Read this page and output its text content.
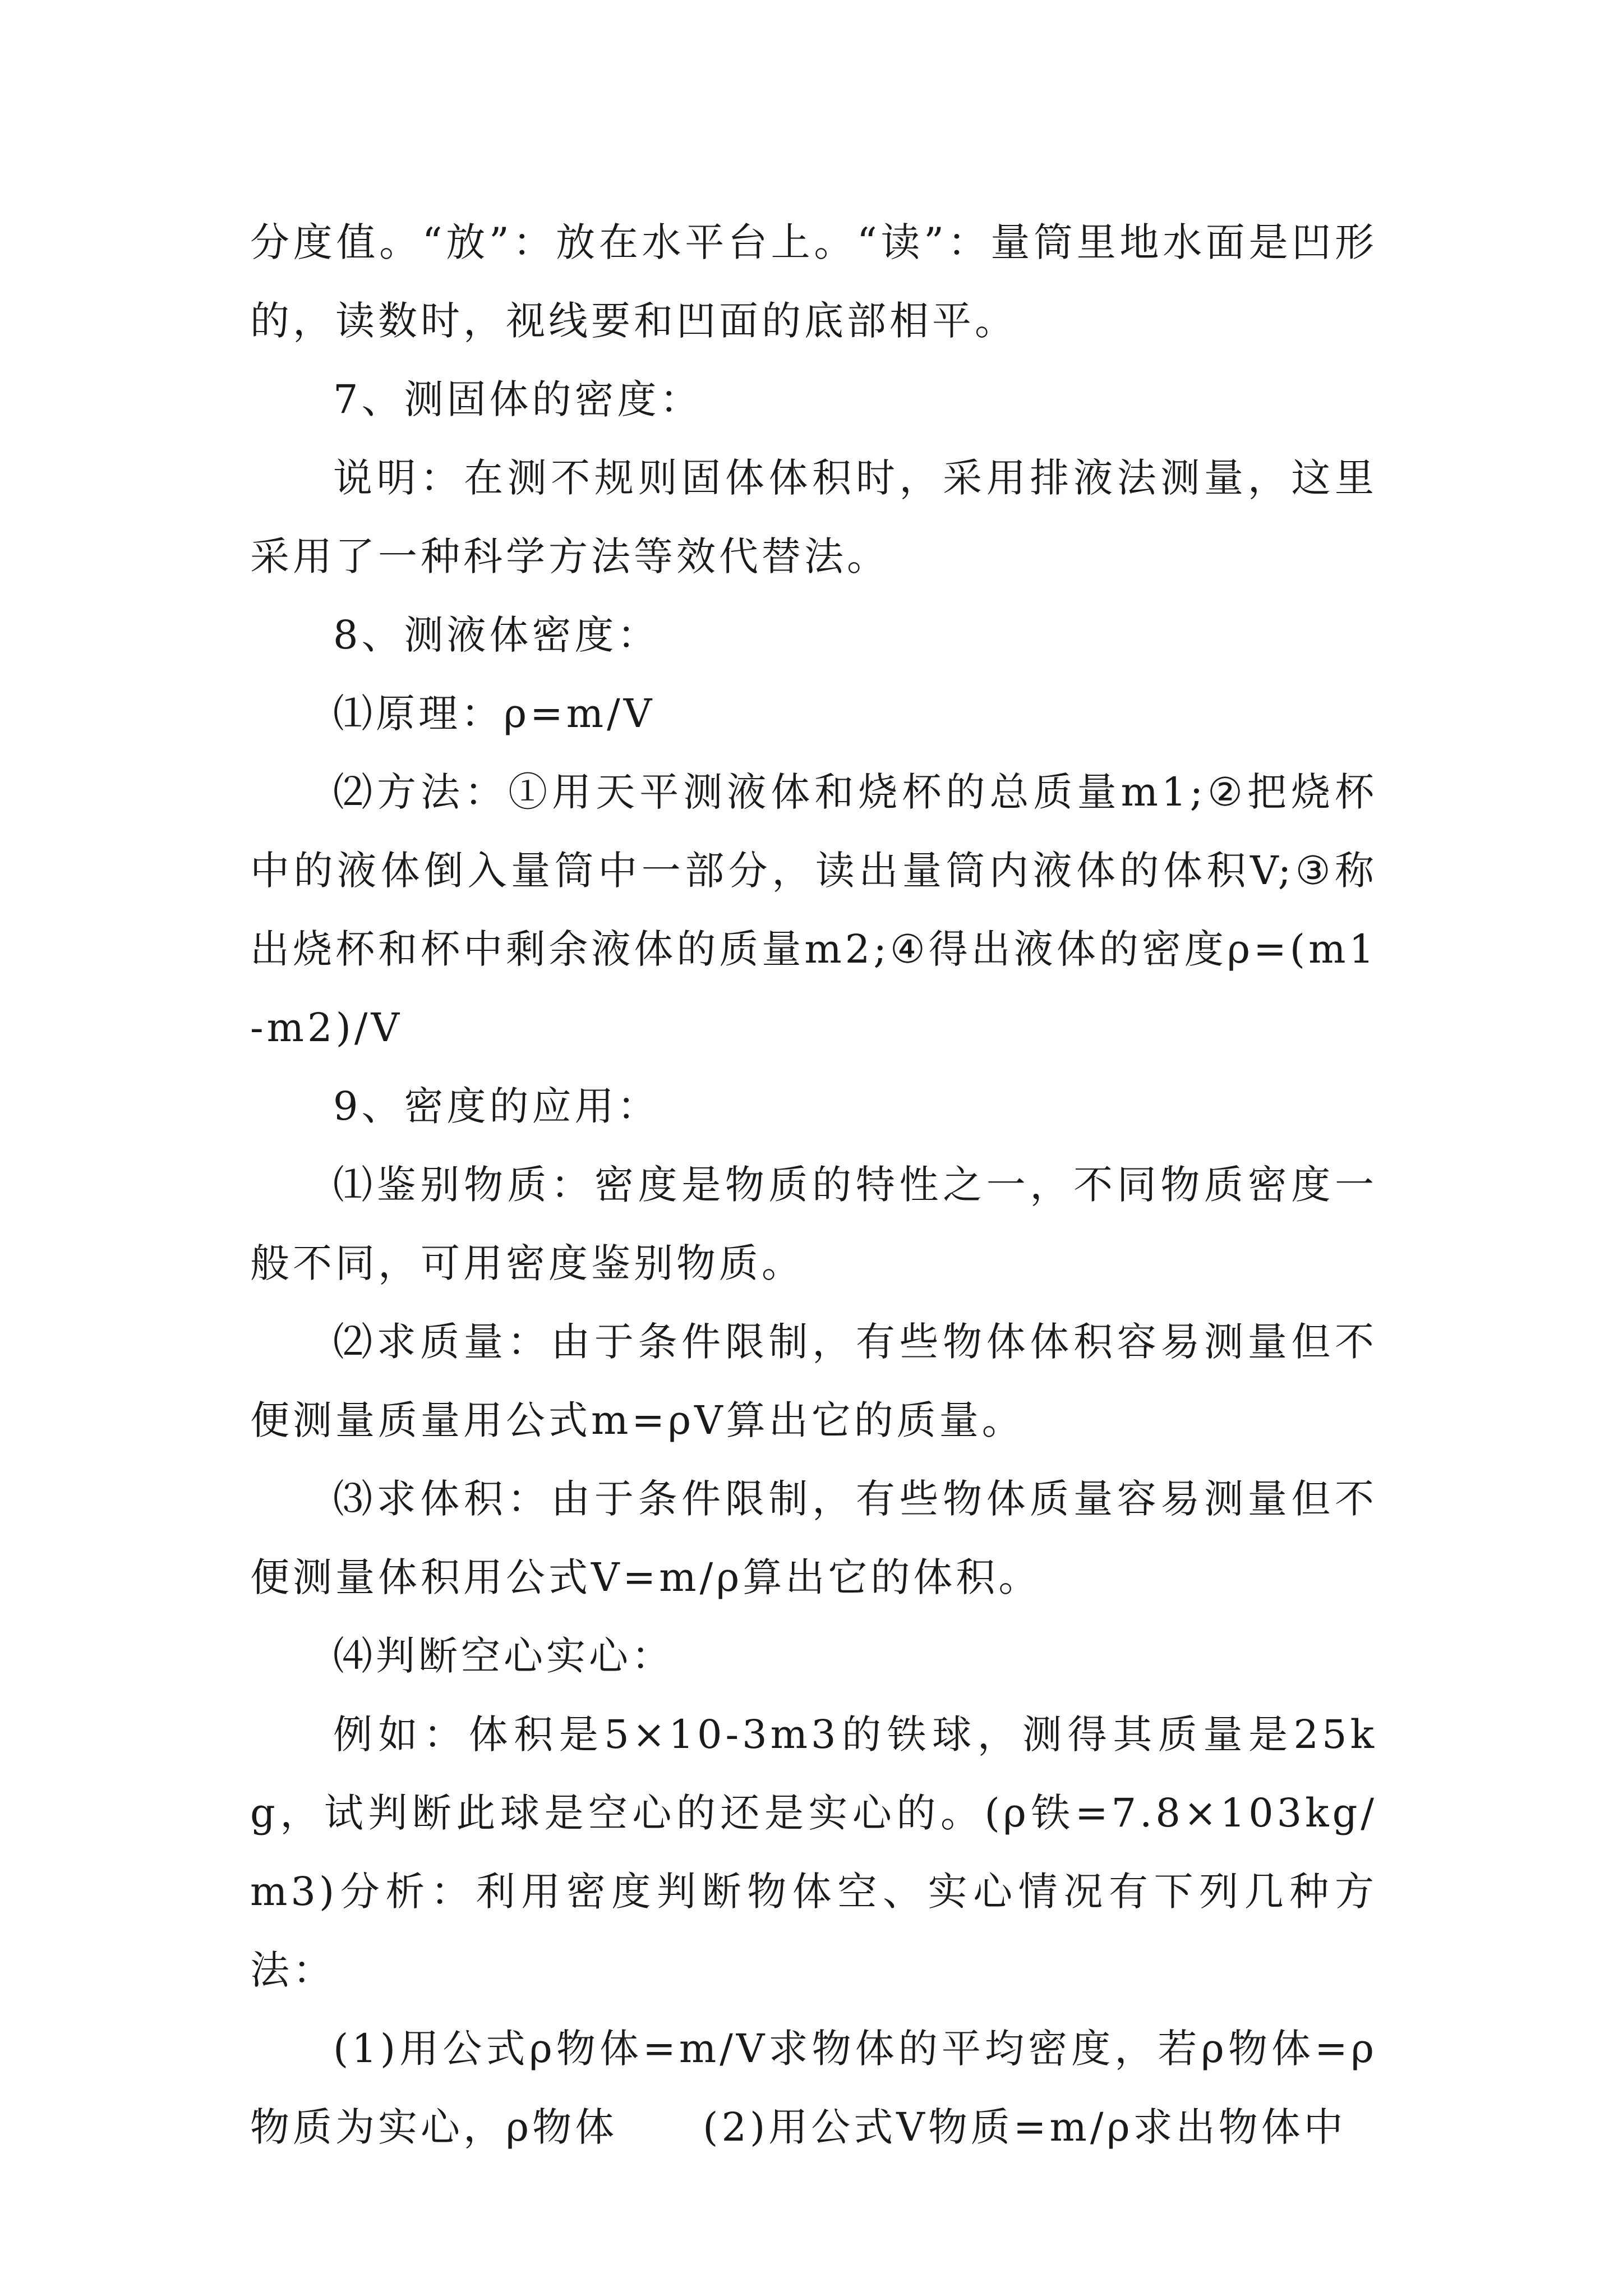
分度值。“放”：放在水平台上。“读”：量筒里地水面是凹形的，读数时，视线要和凹面的底部相平。

7、测固体的密度：

说明：在测不规则固体体积时，采用排液法测量，这里采用了一种科学方法等效代替法。

8、测液体密度：

⑴原理：ρ=m/V

⑵方法：①用天平测液体和烧杯的总质量m1;②把烧杯中的液体倒入量筒中一部分，读出量筒内液体的体积V;③称出烧杯和杯中剩余液体的质量m2;④得出液体的密度ρ=(m1-m2)/V

9、密度的应用：

⑴鉴别物质：密度是物质的特性之一，不同物质密度一般不同，可用密度鉴别物质。

⑵求质量：由于条件限制，有些物体体积容易测量但不便测量质量用公式m=ρV算出它的质量。

⑶求体积：由于条件限制，有些物体质量容易测量但不便测量体积用公式V=m/ρ算出它的体积。

⑷判断空心实心：

例如：体积是5×10-3m3的铁球，测得其质量是25kg，试判断此球是空心的还是实心的。(ρ铁=7.8×103kg/m3)分析：利用密度判断物体空、实心情况有下列几种方法：

(1)用公式ρ物体=m/V求物体的平均密度，若ρ物体=ρ物质为实心，ρ物体　　(2)用公式V物质=m/ρ求出物体中
